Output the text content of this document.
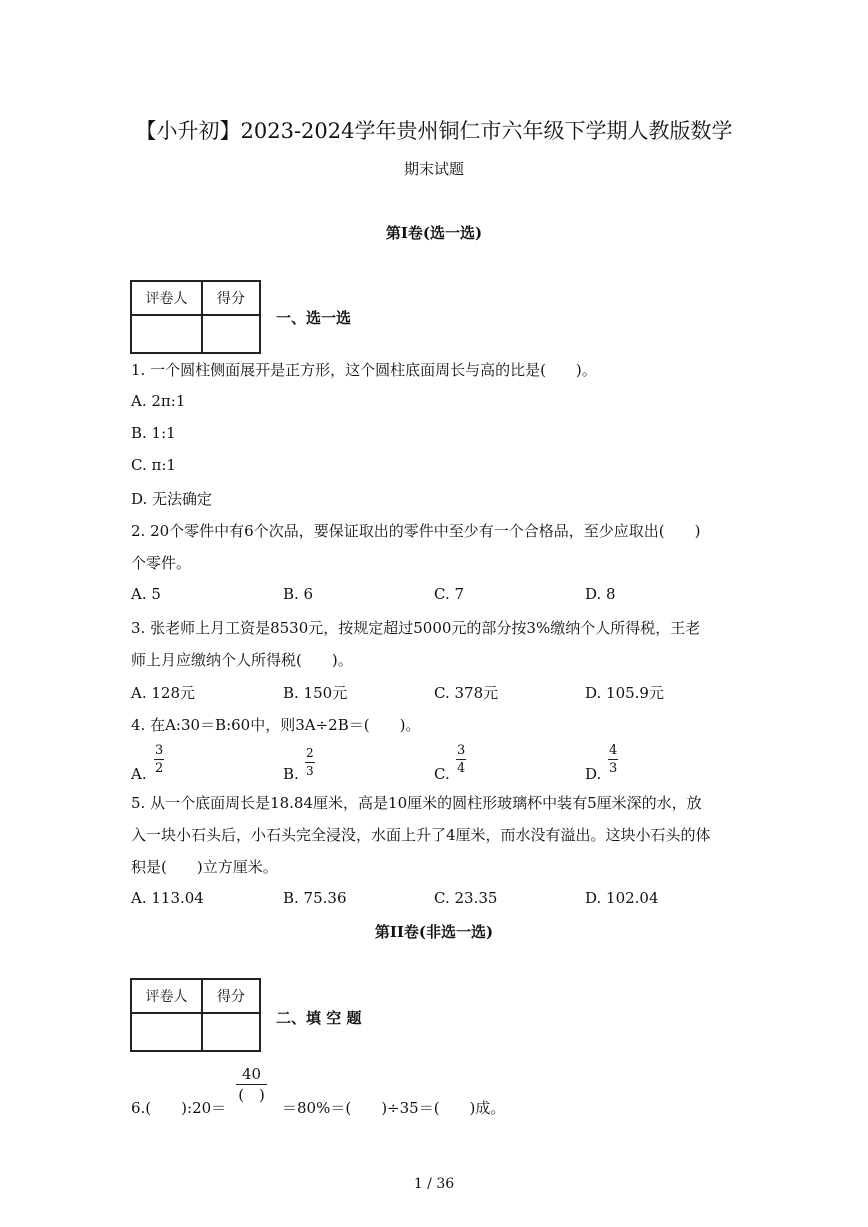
【小升初】2023-2024学年贵州铜仁市六年级下学期人教版数学
期末试题
第I卷(选一选)
评卷人	得分

一、选一选
1. 一个圆柱侧面展开是正方形，这个圆柱底面周长与高的比是(　　)。
A. 2π:1
B. 1:1
C. π:1
D. 无法确定
2. 20个零件中有6个次品，要保证取出的零件中至少有一个合格品，至少应取出(　　)
个零件。
A. 5	B. 6	C. 7	D. 8
3. 张老师上月工资是8530元，按规定超过5000元的部分按3%缴纳个人所得税，王老
师上月应缴纳个人所得税(　　)。
A. 128元	B. 150元	C. 378元	D. 105.9元
4. 在A:30＝B:60中，则3A÷2B＝(　　)。
A. $\frac{3}{2}$	B. $\frac{2}{3}$	C. $\frac{3}{4}$	D. $\frac{4}{3}$
5. 从一个底面周长是18.84厘米，高是10厘米的圆柱形玻璃杯中装有5厘米深的水，放
入一块小石头后，小石头完全浸没，水面上升了4厘米，而水没有溢出。这块小石头的体
积是(　　)立方厘米。
A. 113.04	B. 75.36	C. 23.35	D. 102.04
第II卷(非选一选)
评卷人	得分

二、填 空 题
6.(　　):20＝
40
(　)
＝80%＝(　　)÷35＝(　　)成。
1 / 36
